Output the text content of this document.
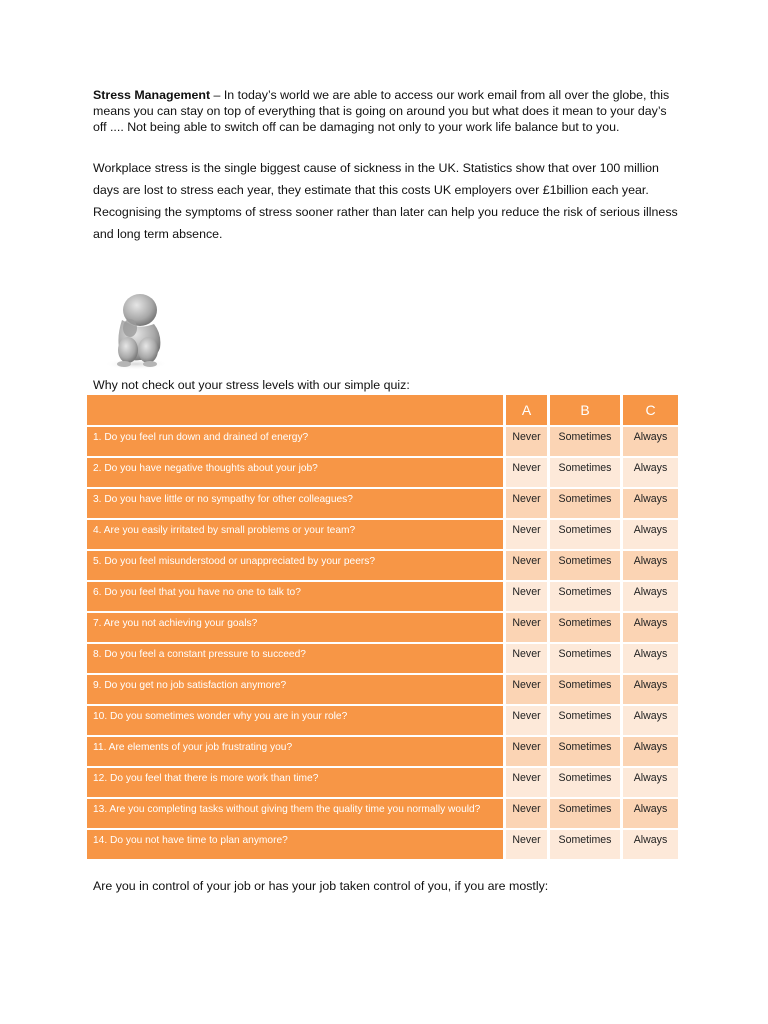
Stress Management – In today’s world we are able to access our work email from all over the globe, this means you can stay on top of everything that is going on around you but what does it mean to your day’s off .... Not being able to switch off can be damaging not only to your work life balance but to you.

Workplace stress is the single biggest cause of sickness in the UK. Statistics show that over 100 million days are lost to stress each year, they estimate that this costs UK employers over £1billion each year. Recognising the symptoms of stress sooner rather than later can help you reduce the risk of serious illness and long term absence.

Why not check out your stress levels with our simple quiz:

	A	B	C
1. Do you feel run down and drained of energy?	Never	Sometimes	Always
2. Do you have negative thoughts about your job?	Never	Sometimes	Always
3. Do you have little or no sympathy for other colleagues?	Never	Sometimes	Always
4. Are you easily irritated by small problems or your team?	Never	Sometimes	Always
5. Do you feel misunderstood or unappreciated by your peers?	Never	Sometimes	Always
6. Do you feel that you have no one to talk to?	Never	Sometimes	Always
7. Are you not achieving your goals?	Never	Sometimes	Always
8. Do you feel a constant pressure to succeed?	Never	Sometimes	Always
9. Do you get no job satisfaction anymore?	Never	Sometimes	Always
10. Do you sometimes wonder why you are in your role?	Never	Sometimes	Always
11. Are elements of your job frustrating you?	Never	Sometimes	Always
12. Do you feel that there is more work than time?	Never	Sometimes	Always
13. Are you completing tasks without giving them the quality time you normally would?	Never	Sometimes	Always
14. Do you not have time to plan anymore?	Never	Sometimes	Always

Are you in control of your job or has your job taken control of you, if you are mostly:
